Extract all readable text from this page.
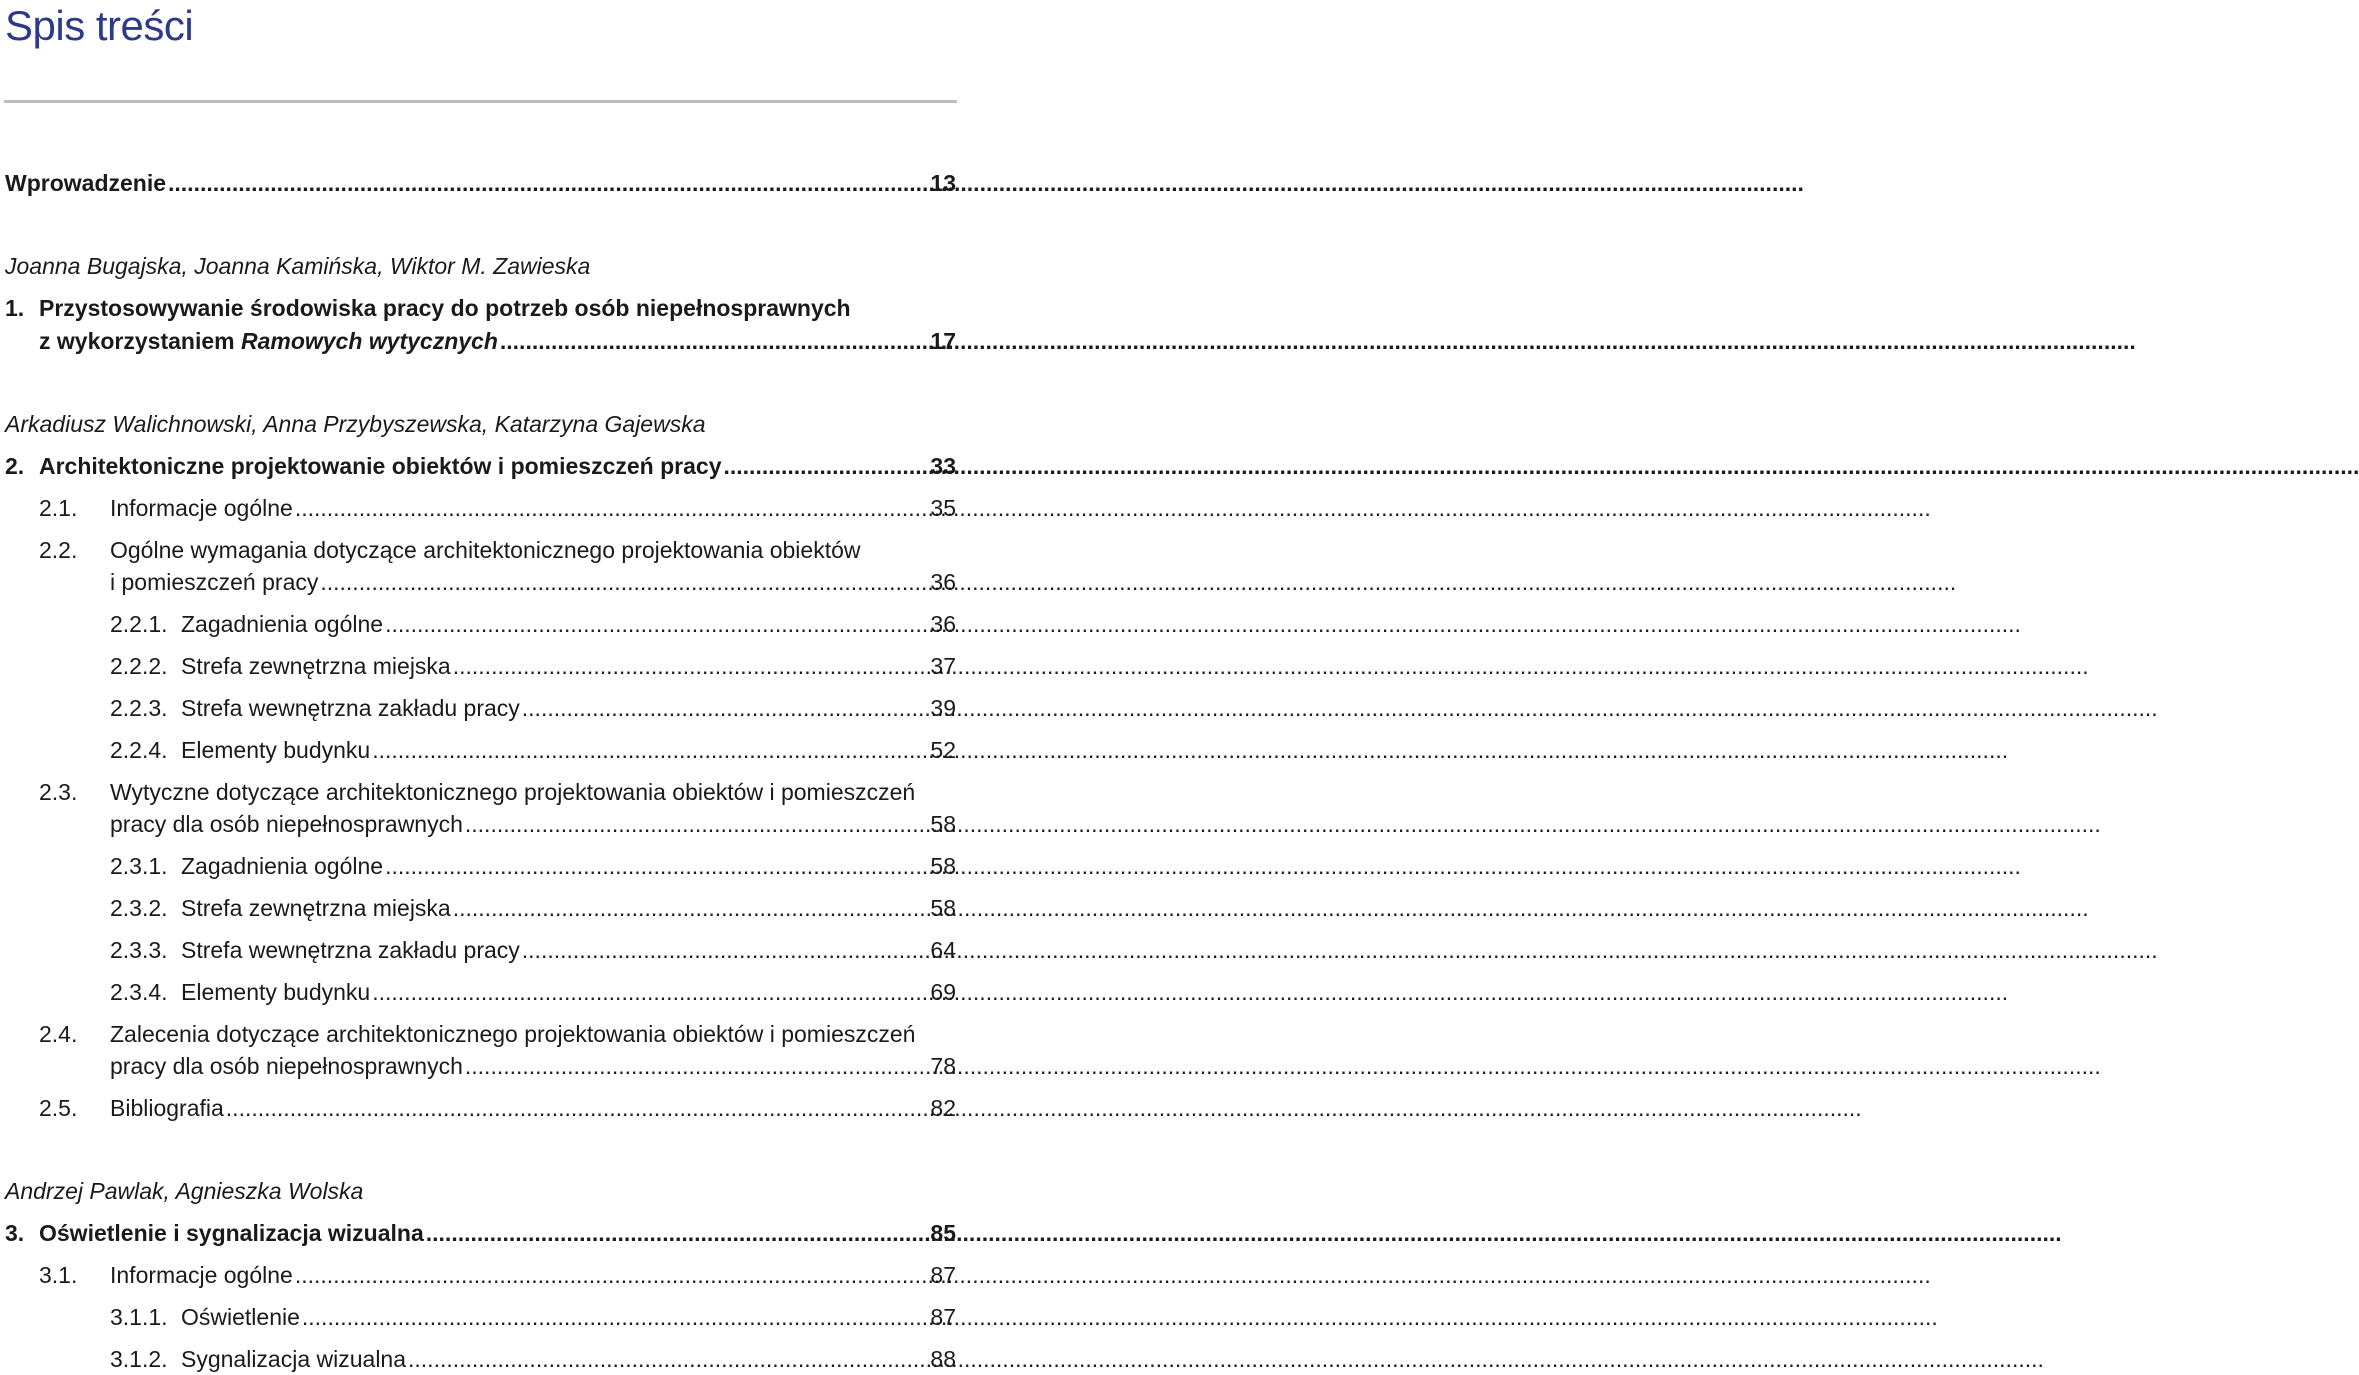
Spis treści
Wprowadzenie .....	13
Joanna Bugajska, Joanna Kamińska, Wiktor M. Zawieska
1. Przystosowywanie środowiska pracy do potrzeb osób niepełnosprawnych
z wykorzystaniem Ramowych wytycznych .....	17
Arkadiusz Walichnowski, Anna Przybyszewska, Katarzyna Gajewska
2. Architektoniczne projektowanie obiektów i pomieszczeń pracy .....	33
2.1.	Informacje ogólne .....	35
2.2. Ogólne wymagania dotyczące architektonicznego projektowania obiektów
i pomieszczeń pracy .....	36
2.2.1. Zagadnienia ogólne .....	36
2.2.2. Strefa zewnętrzna miejska .....	37
2.2.3. Strefa wewnętrzna zakładu pracy .....	39
2.2.4. Elementy budynku .....	52
2.3. Wytyczne dotyczące architektonicznego projektowania obiektów i pomieszczeń
pracy dla osób niepełnosprawnych .....	58
2.3.1. Zagadnienia ogólne .....	58
2.3.2. Strefa zewnętrzna miejska .....	58
2.3.3. Strefa wewnętrzna zakładu pracy .....	64
2.3.4. Elementy budynku .....	69
2.4. Zalecenia dotyczące architektonicznego projektowania obiektów i pomieszczeń
pracy dla osób niepełnosprawnych .....	78
2.5.	Bibliografia .....	82
Andrzej Pawlak, Agnieszka Wolska
3. Oświetlenie i sygnalizacja wizualna .....	85
3.1.	Informacje ogólne .....	87
3.1.1. Oświetlenie .....	87
3.1.2. Sygnalizacja wizualna .....	88
